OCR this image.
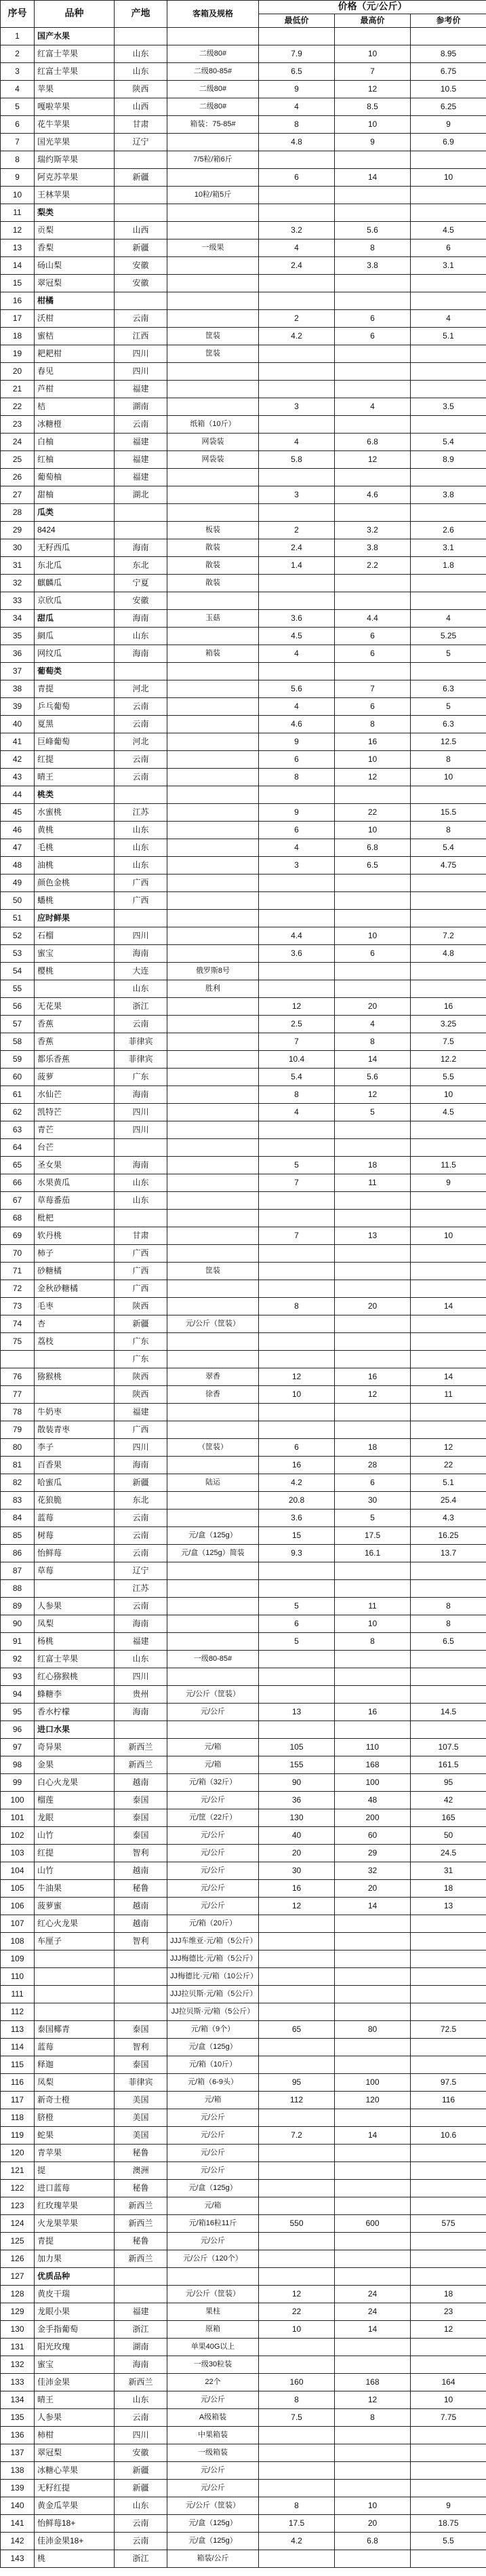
序号	品种	产地	客箱及规格	价格（元/公斤）		
				最低价	最高价	参考价
1	国产水果					
2	红富士苹果	山东	二级80#	7.9	10	8.95
3	红富士苹果	山东	二级80-85#	6.5	7	6.75
4	苹果	陕西	二级80#	9	12	10.5
5	嘎啦苹果	山西	二级80#	4	8.5	6.25
6	花牛苹果	甘肃	箱装：75-85#	8	10	9
7	国光苹果	辽宁		4.8	9	6.9
8	瑞约斯苹果		7/5粒/箱6斤			
9	阿克苏苹果	新疆		6	14	10
10	王林苹果		10粒/箱5斤			
11	梨类					
12	贡梨	山西		3.2	5.6	4.5
13	香梨	新疆	一级果	4	8	6
14	砀山梨	安徽		2.4	3.8	3.1
15	翠冠梨	安徽				
16	柑橘					
17	沃柑	云南		2	6	4
18	蜜桔	江西	筐装	4.2	6	5.1
19	耙耙柑	四川	筐装			
20	春见	四川				
21	芦柑	福建				
22	桔	湖南		3	4	3.5
23	冰糖橙	云南	纸箱（10斤）			
24	白柚	福建	网袋装	4	6.8	5.4
25	红柚	福建	网袋装	5.8	12	8.9
26	葡萄柚	福建				
27	甜柚	湖北		3	4.6	3.8
28	瓜类					
29	8424		板装	2	3.2	2.6
30	无籽西瓜	海南	散装	2.4	3.8	3.1
31	东北瓜	东北	散装	1.4	2.2	1.8
32	麒麟瓜	宁夏	散装			
33	京欣瓜	安徽				
34	甜瓜	海南	玉菇	3.6	4.4	4
35	網瓜	山东		4.5	6	5.25
36	网纹瓜	海南	箱装	4	6	5
37	葡萄类					
38	青提	河北		5.6	7	6.3
39	乒乓葡萄	云南		4	6	5
40	夏黑	云南		4.6	8	6.3
41	巨峰葡萄	河北		9	16	12.5
42	红提	云南		6	10	8
43	晴王	云南		8	12	10
44	桃类					
45	水蜜桃	江苏		9	22	15.5
46	黄桃	山东		6	10	8
47	毛桃	山东		4	6.8	5.4
48	油桃	山东		3	6.5	4.75
49	颜色金桃	广西				
50	蟠桃	广西				
51	应时鲜果					
52	石榴	四川		4.4	10	7.2
53	蜜宝	海南		3.6	6	4.8
54	樱桃	大连	俄罗斯8号			
55		山东	胜利			
56	无花果	浙江		12	20	16
57	香蕉	云南		2.5	4	3.25
58	香蕉	菲律宾		7	8	7.5
59	都乐香蕉	菲律宾		10.4	14	12.2
60	菠萝	广东		5.4	5.6	5.5
61	水仙芒	海南		8	12	10
62	凯特芒	四川		4	5	4.5
63	青芒	四川				
64	台芒					
65	圣女果	海南		5	18	11.5
66	水果黄瓜	山东		7	11	9
67	草莓番茄	山东				
68	枇杷					
69	软丹桃	甘肃		7	13	10
70	柿子	广西				
71	砂糖橘	广西	筐装			
72	金秋砂糖橘	广西				
73	毛枣	陕西		8	20	14
74	杏	新疆	元/公斤（筐装）			
75	荔枝	广东				
		广东				
76	猕猴桃	陕西	翠香	12	16	14
77		陕西	徐香	10	12	11
78	牛奶枣	福建				
79	散装青枣	广西				
80	李子	四川	（筐装）	6	18	12
81	百香果	海南		16	28	22
82	哈蜜瓜	新疆	陆运	4.2	6	5.1
83	花狼脆	东北		20.8	30	25.4
84	蓝莓	云南		3.6	5	4.3
85	树莓	云南	元/盒（125g）	15	17.5	16.25
86	怡鲜莓	云南	元/盒（125g）简装	9.3	16.1	13.7
87	草莓	辽宁				
88		江苏				
89	人参果	云南		5	11	8
90	凤梨	海南		6	10	8
91	杨桃	福建		5	8	6.5
92	红富士苹果	山东	一级80-85#			
93	红心猕猴桃	四川				
94	蜂糖李	贵州	元/公斤（筐装）			
95	香水柠檬	海南	元/公斤	13	16	14.5
96	进口水果					
97	奇异果	新西兰	元/箱	105	110	107.5
98	金果	新西兰	元/箱	155	168	161.5
99	白心火龙果	越南	元/箱（32斤）	90	100	95
100	榴莲	泰国	元/公斤	36	48	42
101	龙眼	泰国	元/筐（22斤）	130	200	165
102	山竹	泰国	元/公斤	40	60	50
103	红提	智利	元/公斤	20	29	24.5
104	山竹	越南	元/公斤	30	32	31
105	牛油果	秘鲁	元/公斤	16	20	18
106	菠萝蜜	越南	元/公斤	12	14	13
107	红心火龙果	越南	元/箱（20斤）			
108	车厘子	智利	JJJ车维亚·元/箱（5公斤）			
109			JJJ梅德比·元/箱（5公斤）			
110			JJ梅德比·元/箱（10公斤）			
111			JJJ拉贝斯·元/箱（5公斤）			
112			JJ拉贝斯·元/箱（5公斤）			
113	泰国椰青	泰国	元/箱（9个）	65	80	72.5
114	蓝莓	智利	元/盒（125g）			
115	释迦	泰国	元/箱（10斤）			
116	凤梨	菲律宾	元/箱（6-9头）	95	100	97.5
117	新奇士橙	美国	元/箱	112	120	116
118	脐橙	美国	元/公斤			
119	蛇果	美国	元/公斤	7.2	14	10.6
120	青苹果	秘鲁	元/公斤			
121	提	澳洲	元/公斤			
122	进口蓝莓	秘鲁	元/盒（125g）			
123	红玫瑰苹果	新西兰	元/箱			
124	火龙果苹果	新西兰	元/箱16粒11斤	550	600	575
125	青提	秘鲁	元/公斤			
126	加力果	新西兰	元/公斤（120个）			
127	优质品种					
128	黄皮干瑞		元/公斤（筐装）	12	24	18
129	龙眼小果	福建	果柱	22	24	23
130	金手指葡萄	浙江	原箱	10	14	12
131	阳光玫瑰	湖南	单果40G以上			
132	蜜宝	海南	一级30粒装			
133	佳沛金果	新西兰	22个	160	168	164
134	晴王	山东	元/公斤	8	12	10
135	人参果	云南	A级箱装	7.5	8	7.75
136	柿柑	四川	中果箱装			
137	翠冠梨	安徽	一级箱装			
138	冰糖心苹果	新疆	元/公斤			
139	无籽红提	新疆	元/公斤			
140	黄金瓜苹果	山东	元/公斤（筐装）	8	10	9
141	怡鲜莓18+	云南	元/盒（125g）	17.5	20	18.75
142	佳沛金果18+	云南	元/盒（125g）	4.2	6.8	5.5
143	桃	浙江	箱装/公斤			
